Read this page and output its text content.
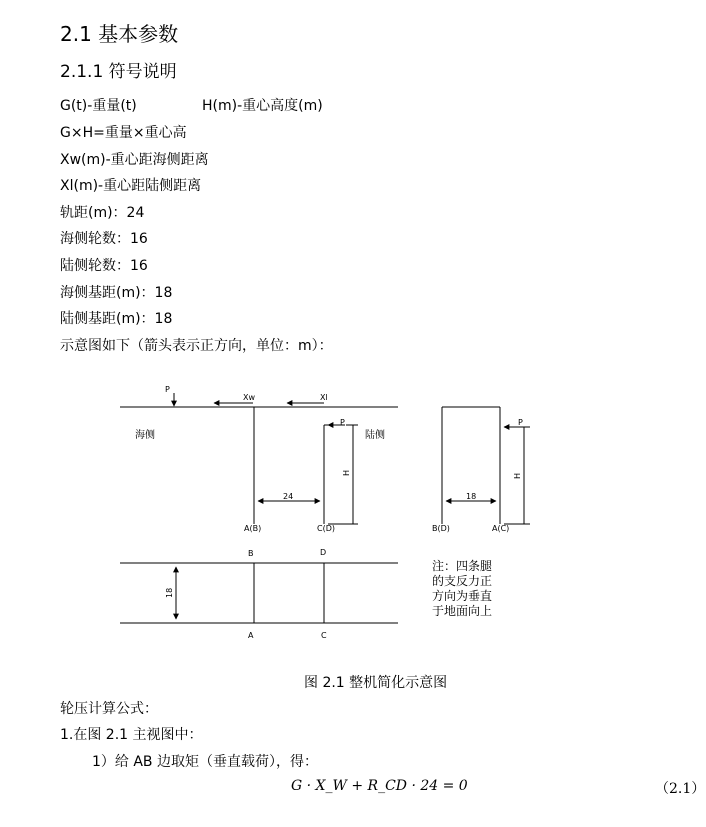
2.1 基本参数
2.1.1 符号说明
G(t)-重量(t)	H(m)-重心高度(m)
G×H=重量×重心高
Xw(m)-重心距海侧距离
Xl(m)-重心距陆侧距离
轨距(m)：24
海侧轮数：16
陆侧轮数：16
海侧基距(m)：18
陆侧基距(m)：18
示意图如下（箭头表示正方向，单位：m）：
P
Xw	Xl
P
海侧	陆侧
H
24
A(B)	C(D)
B	D
A	C
18
18
B(D)	A(C)
P
H
注：四条腿
的支反力正
方向为垂直
于地面向上
图 2.1 整机简化示意图
轮压计算公式：
1.在图 2.1 主视图中：
1）给 AB 边取矩（垂直载荷），得：
G · X_W + R_CD · 24 = 0	（2.1）
